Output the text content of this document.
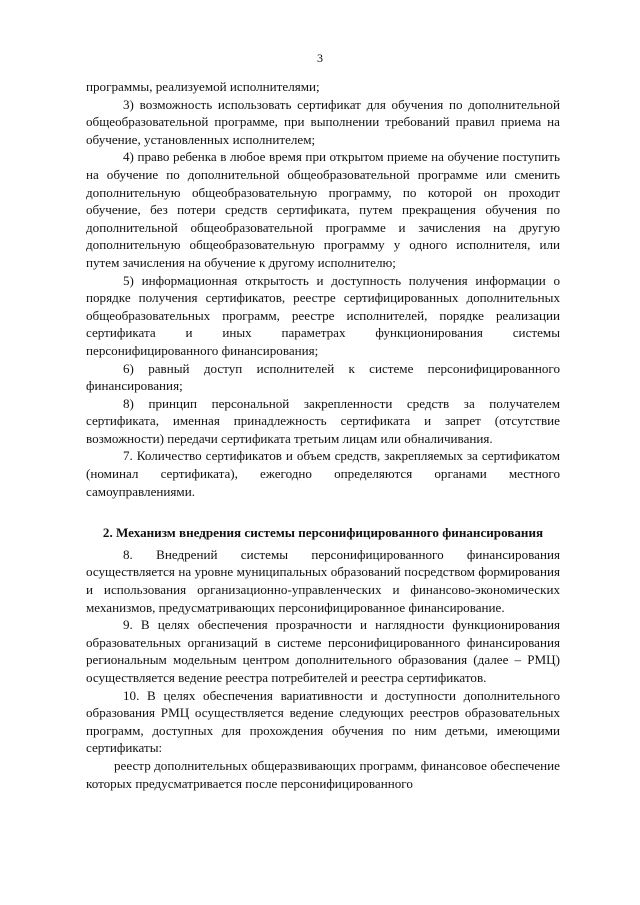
3

программы, реализуемой исполнителями;

3) возможность использовать сертификат для обучения по дополнительной общеобразовательной программе, при выполнении требований правил приема на обучение, установленных исполнителем;

4) право ребенка в любое время при открытом приеме на обучение поступить на обучение по дополнительной общеобразовательной программе или сменить дополнительную общеобразовательную программу, по которой он проходит обучение, без потери средств сертификата, путем прекращения обучения по дополнительной общеобразовательной программе и зачисления на другую дополнительную общеобразовательную программу у одного исполнителя, или путем зачисления на обучение к другому исполнителю;

5) информационная открытость и доступность получения информации о порядке получения сертификатов, реестре сертифицированных дополнительных общеобразовательных программ, реестре исполнителей, порядке реализации сертификата и иных параметрах функционирования системы персонифицированного финансирования;

6) равный доступ исполнителей к системе персонифицированного финансирования;

8) принцип персональной закрепленности средств за получателем сертификата, именная принадлежность сертификата и запрет (отсутствие возможности) передачи сертификата третьим лицам или обналичивания.

7. Количество сертификатов и объем средств, закрепляемых за сертификатом (номинал сертификата), ежегодно определяются органами местного самоуправлениями.

2. Механизм внедрения системы персонифицированного финансирования

8. Внедрений системы персонифицированного финансирования осуществляется на уровне муниципальных образований посредством формирования и использования организационно-управленческих и финансово-экономических механизмов, предусматривающих персонифицированное финансирование.

9. В целях обеспечения прозрачности и наглядности функционирования образовательных организаций в системе персонифицированного финансирования региональным модельным центром дополнительного образования (далее – РМЦ) осуществляется ведение реестра потребителей и реестра сертификатов.

10. В целях обеспечения вариативности и доступности дополнительного образования РМЦ осуществляется ведение следующих реестров образовательных программ, доступных для прохождения обучения по ним детьми, имеющими сертификаты:

реестр дополнительных общеразвивающих программ, финансовое обеспечение которых предусматривается после персонифицированного
